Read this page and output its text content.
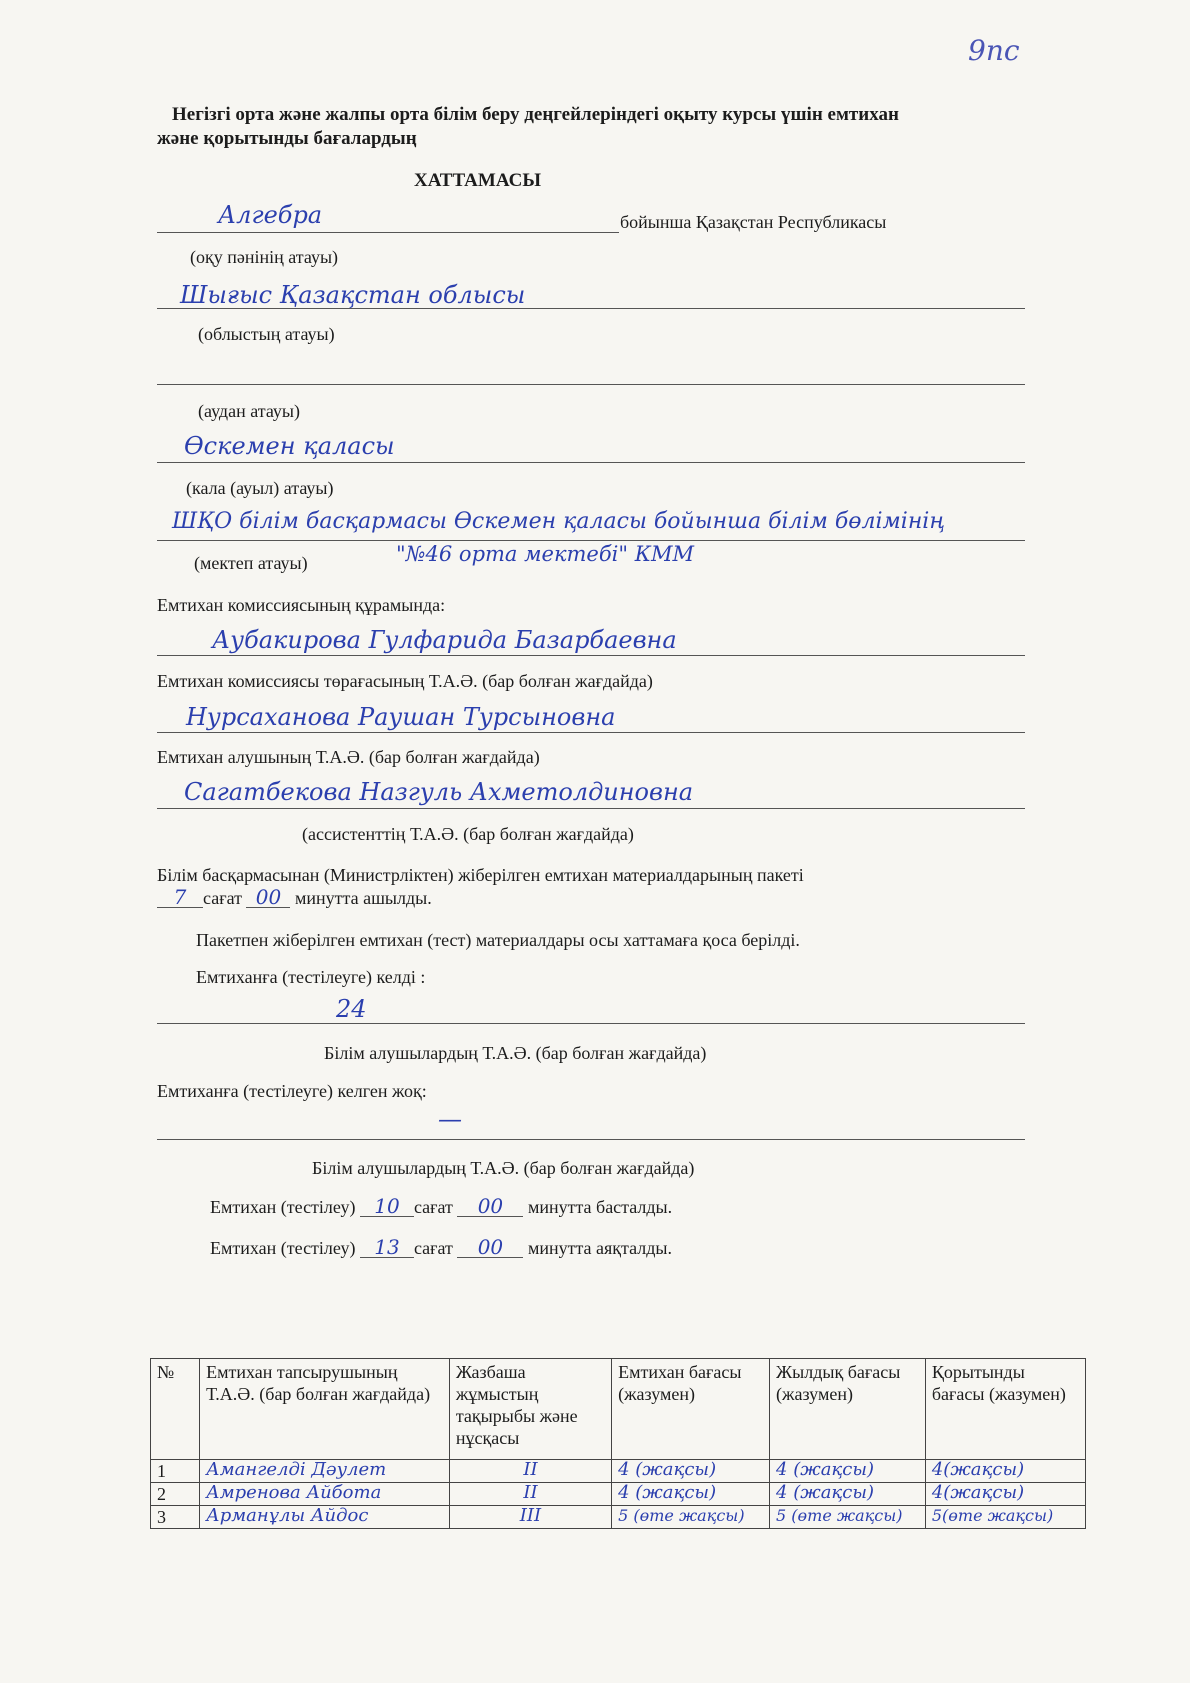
9пс
Негізгі орта және жалпы орта білім беру деңгейлеріндегі оқыту курсы үшін емтихан
және қорытынды бағалардың
ХАТТАМАСЫ
Алгебра	бойынша Қазақстан Республикасы
(оқу пәнінің атауы)
Шығыс Қазақстан облысы
(облыстың атауы)
(аудан атауы)
Өскемен қаласы
(кала (ауыл) атауы)
ШҚО білім басқармасы Өскемен қаласы бойынша білім бөлімінің
(мектеп атауы)	"№46 орта мектебі" КММ
Емтихан комиссиясының құрамында:
Аубакирова Гулфарида Базарбаевна
Емтихан комиссиясы төрағасының Т.А.Ә. (бар болған жағдайда)
Нурсаханова Раушан Турсыновна
Емтихан алушының Т.А.Ә. (бар болған жағдайда)
Сагатбекова Назгуль Ахметолдиновна
(ассистенттің Т.А.Ә. (бар болған жағдайда)
Білім басқармасынан (Министрліктен) жіберілген емтихан материалдарының пакеті
7 сағат 00 минутта ашылды.
Пакетпен жіберілген емтихан (тест) материалдары осы хаттамаға қоса берілді.
Емтиханға (тестілеуге) келді :
24
Білім алушылардың Т.А.Ә. (бар болған жағдайда)
Емтиханға (тестілеуге) келген жоқ:
—
Білім алушылардың Т.А.Ә. (бар болған жағдайда)
Емтихан (тестілеу) 10 сағат 00 минутта басталды.
Емтихан (тестілеу) 13 сағат 00 минутта аяқталды.
№	Емтихан тапсырушының Т.А.Ә. (бар болған жағдайда)	Жазбаша жұмыстың тақырыбы және нұсқасы	Емтихан бағасы (жазумен)	Жылдық бағасы (жазумен)	Қорытынды бағасы (жазумен)
1	Амангелді Дәулет	II	4 (жақсы)	4 (жақсы)	4(жақсы)
2	Амренова Айбота	II	4 (жақсы)	4 (жақсы)	4(жақсы)
3	Арманұлы Айдос	III	5 (өте жақсы)	5 (өте жақсы)	5(өте жақсы)
